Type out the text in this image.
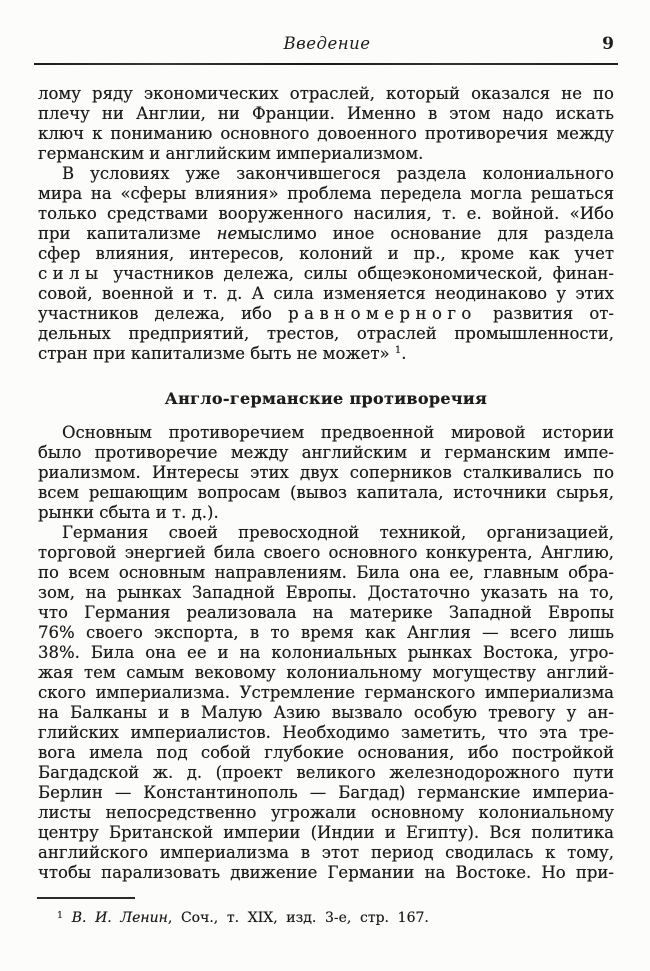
Введение	9
лому ряду экономических отраслей, который оказался не по
плечу ни Англии, ни Франции. Именно в этом надо искать
ключ к пониманию основного довоенного противоречия между
германским и английским империализмом.
В условиях уже закончившегося раздела колониального
мира на «сферы влияния» проблема передела могла решаться
только средствами вооруженного насилия, т. е. войной. «Ибо
при капитализме немыслимо иное основание для раздела
сфер влияния, интересов, колоний и пр., кроме как учет
силы участников дележа, силы общеэкономической, финан-
совой, военной и т. д. А сила изменяется неодинаково у этих
участников дележа, ибо равномерного развития от-
дельных предприятий, трестов, отраслей промышленности,
стран при капитализме быть не может» $^1$.
Англо-германские противоречия
Основным противоречием предвоенной мировой истории
было противоречие между английским и германским импе-
риализмом. Интересы этих двух соперников сталкивались по
всем решающим вопросам (вывоз капитала, источники сырья,
рынки сбыта и т. д.).
Германия своей превосходной техникой, организацией,
торговой энергией била своего основного конкурента, Англию,
по всем основным направлениям. Била она ее, главным обра-
зом, на рынках Западной Европы. Достаточно указать на то,
что Германия реализовала на материке Западной Европы
76% своего экспорта, в то время как Англия — всего лишь
38%. Била она ее и на колониальных рынках Востока, угро-
жая тем самым вековому колониальному могуществу англий-
ского империализма. Устремление германского империализма
на Балканы и в Малую Азию вызвало особую тревогу у ан-
глийских империалистов. Необходимо заметить, что эта тре-
вога имела под собой глубокие основания, ибо постройкой
Багдадской ж. д. (проект великого железнодорожного пути
Берлин — Константинополь — Багдад) германские империа-
листы непосредственно угрожали основному колониальному
центру Британской империи (Индии и Египту). Вся политика
английского империализма в этот период сводилась к тому,
чтобы парализовать движение Германии на Востоке. Но при-
$^1$ В. И. Ленин, Соч., т. XIX, изд. 3-е, стр. 167.
